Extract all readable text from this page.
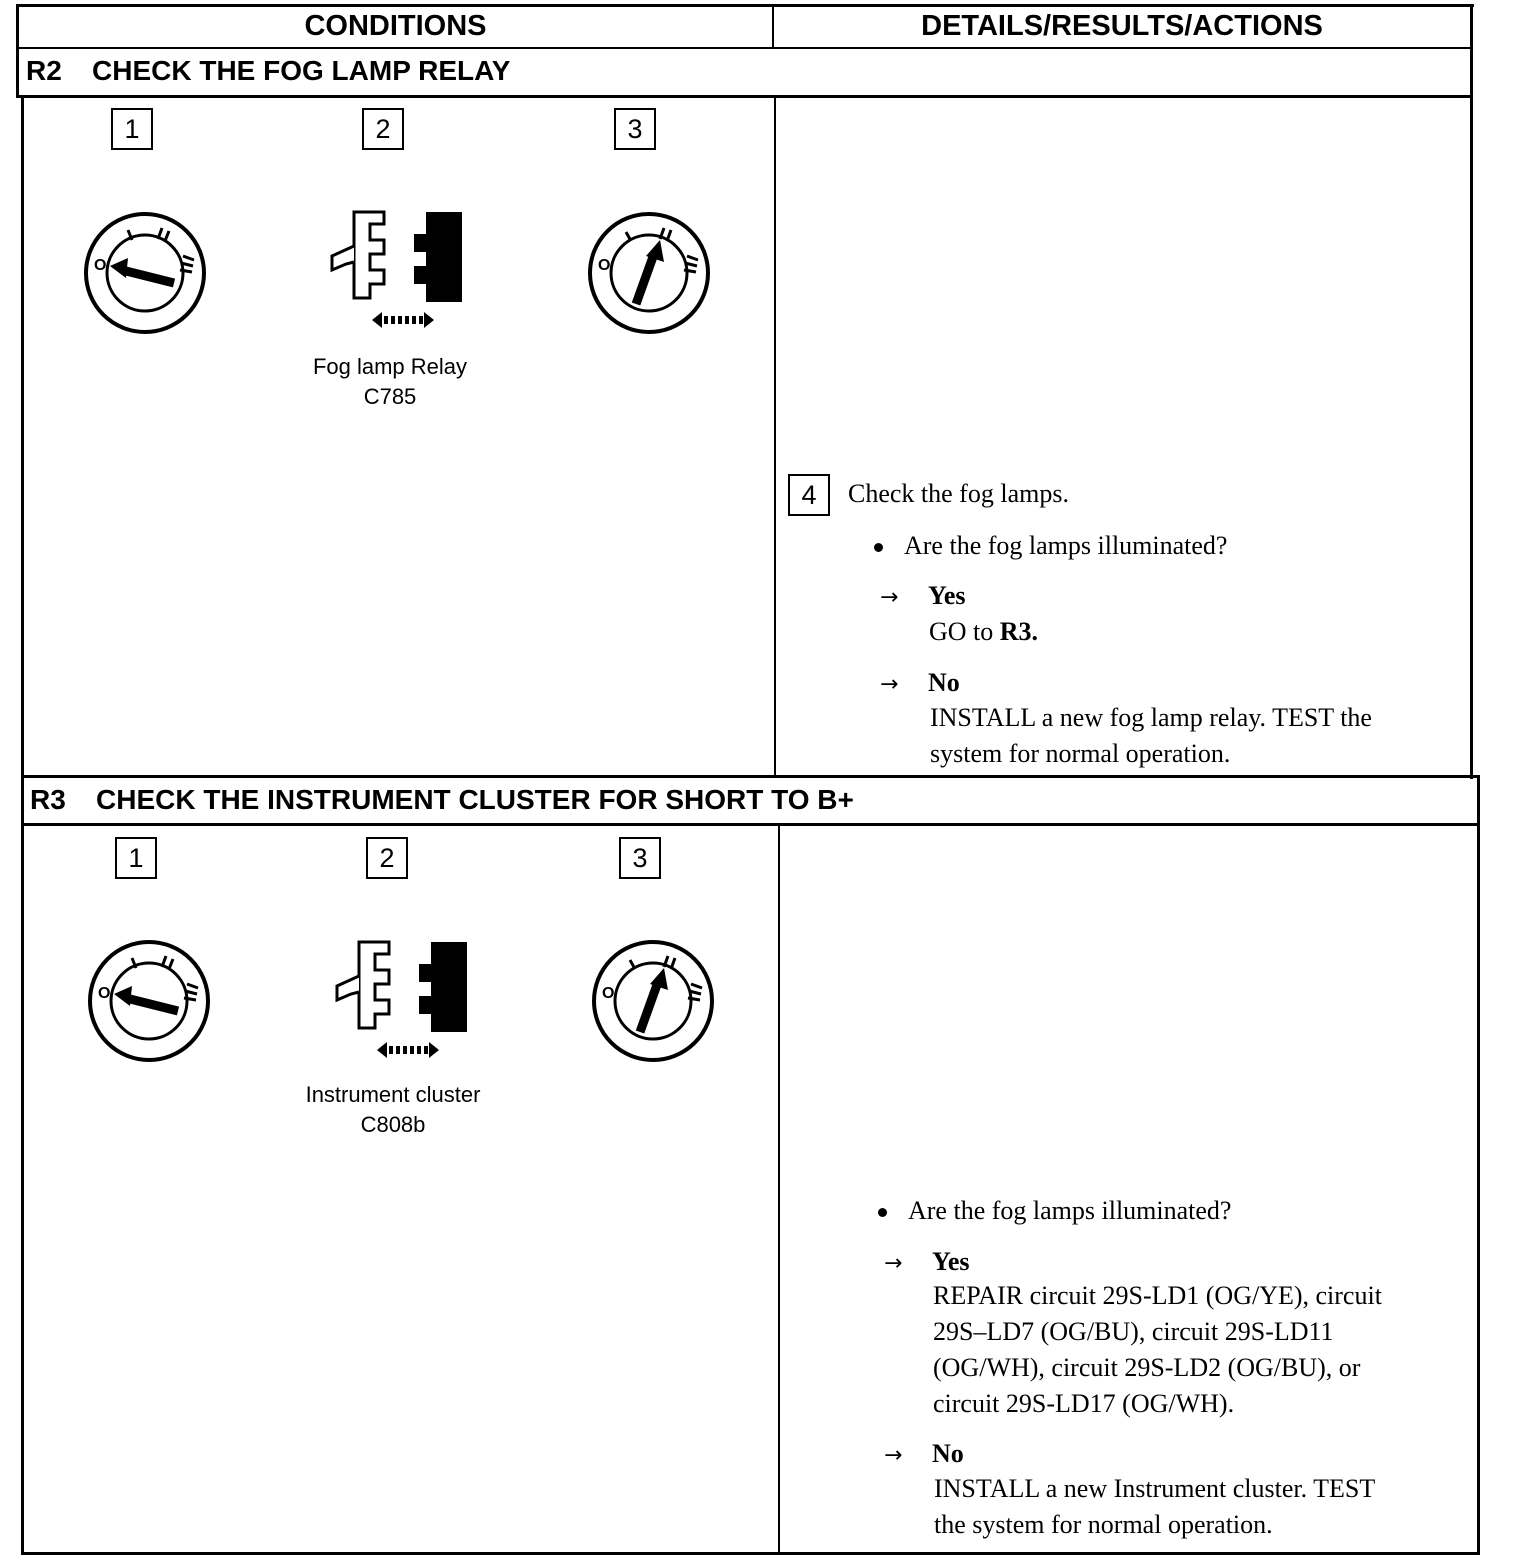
CONDITIONS	DETAILS/RESULTS/ACTIONS
R2 CHECK THE FOG LAMP RELAY
1	2	3
O
Fog lamp Relay
C785
O
4	Check the fog lamps.
Are the fog lamps illuminated?
→ Yes
GO to R3.
→ No
INSTALL a new fog lamp relay. TEST the
system for normal operation.
R3 CHECK THE INSTRUMENT CLUSTER FOR SHORT TO B+
1	2	3
O
Instrument cluster
C808b
O
Are the fog lamps illuminated?
→ Yes
REPAIR circuit 29S-LD1 (OG/YE), circuit
29S–LD7 (OG/BU), circuit 29S-LD11
(OG/WH), circuit 29S-LD2 (OG/BU), or
circuit 29S-LD17 (OG/WH).
→ No
INSTALL a new Instrument cluster. TEST
the system for normal operation.
